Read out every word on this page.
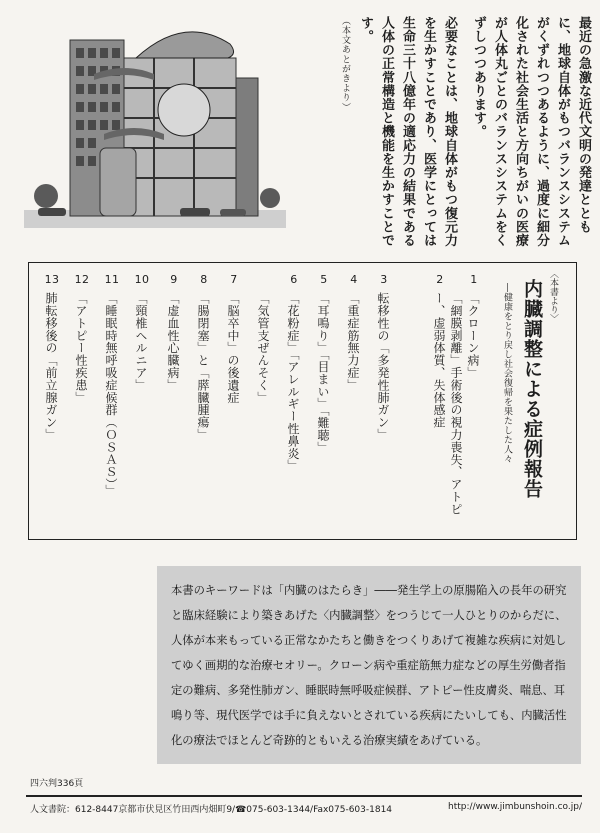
最近の急激な近代文明の発達とともに、地球自体がもつバランスシステムがくずれつつあるように、過度に細分化された社会生活と方向ちがいの医療が人体丸ごとのバランスシステムをくずしつつあります。

必要なことは、地球自体がもつ復元力を生かすことであり、医学にとっては生命三十八億年の適応力の結果である人体の正常構造と機能を生かすことです。

（本文あとがきより）

〈本書より〉
内臓調整による症例報告
―健康をとり戻し社会復帰を果たした人々
1
「クローン病」
2
「網膜剥離」手術後の視力喪失、アトピー、虚弱体質、失体感症
3
転移性の「多発性肺ガン」
4
「重症筋無力症」
5
「耳鳴り」「目まい」「難聴」
6
「花粉症」「アレルギー性鼻炎」
「気管支ぜんそく」
7
「脳卒中」の後遺症
8
「腸閉塞」と「膵臓腫瘍」
9
「虚血性心臓病」
10
「頸椎ヘルニア」
11
「睡眠時無呼吸症候群（ＯＳＡＳ）」
12
「アトピー性疾患」
13
肺転移後の「前立腺ガン」

本書のキーワードは「内臓のはたらき」――発生学上の原腸陥入の長年の研究と臨床経験により築きあげた〈内臓調整〉をつうじて一人ひとりのからだに、人体が本来もっている正常なかたちと働きをつくりあげて複雑な疾病に対処してゆく画期的な治療セオリー。クローン病や重症筋無力症などの厚生労働者指定の難病、多発性肺ガン、睡眠時無呼吸症候群、アトピー性皮膚炎、喘息、耳鳴り等、現代医学では手に負えないとされている疾病にたいしても、内臓活性化の療法でほとんど奇跡的ともいえる治療実績をあげている。

四六判336頁
人文書院：612-8447京都市伏見区竹田西内畑町9/☎075-603-1344/Fax075-603-1814	http://www.jimbunshoin.co.jp/
